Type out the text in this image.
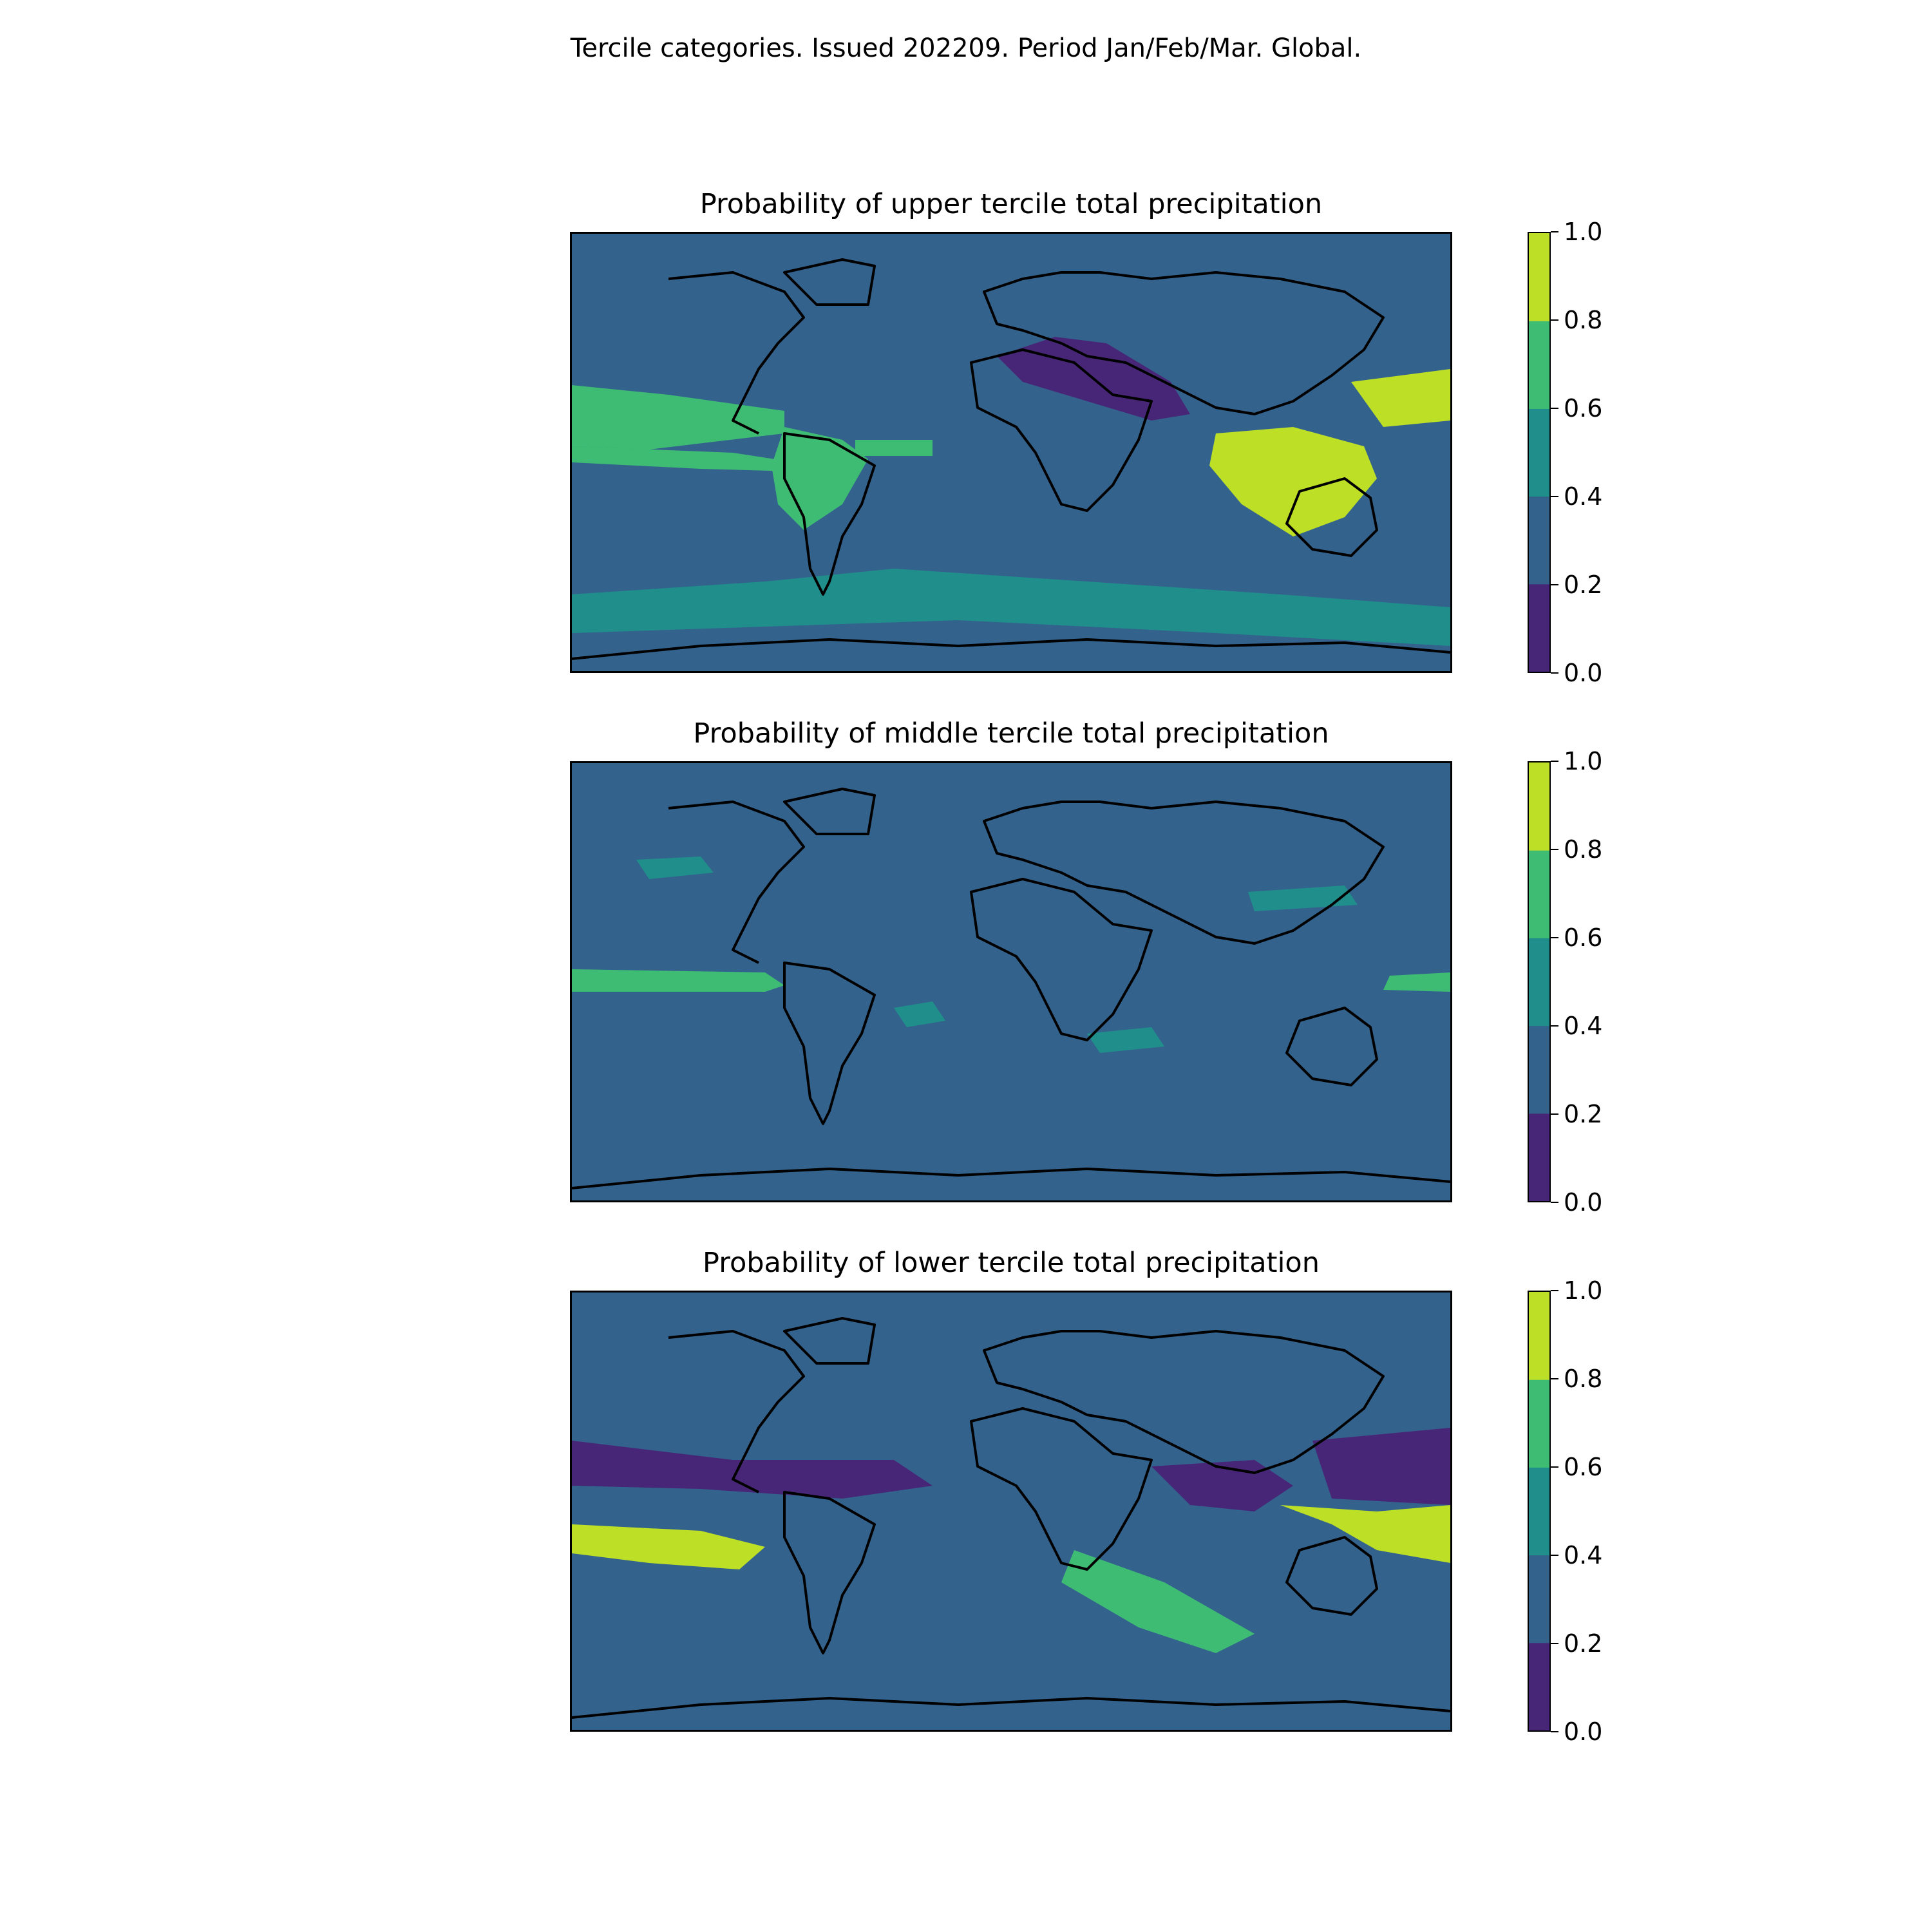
Tercile categories. Issued 202209. Period Jan/Feb/Mar. Global.
Probability of upper tercile total precipitation
0.0
0.2
0.4
0.6
0.8
1.0
Probability of middle tercile total precipitation
0.0
0.2
0.4
0.6
0.8
1.0
Probability of lower tercile total precipitation
0.0
0.2
0.4
0.6
0.8
1.0
